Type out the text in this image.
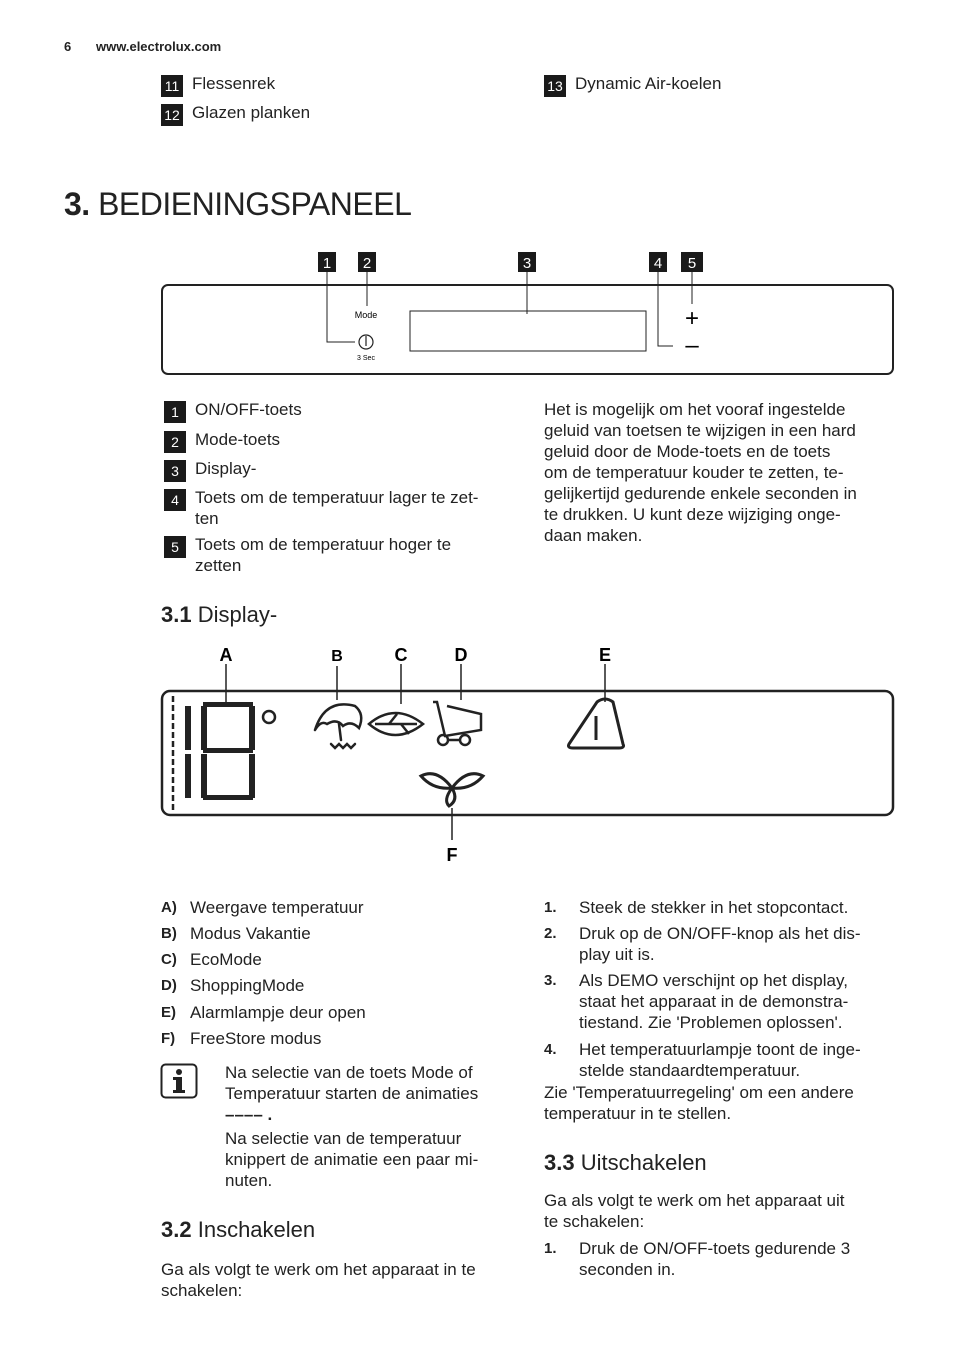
6 www.electrolux.com
11 Flessenrek
12 Glazen planken
13 Dynamic Air-koelen
3. BEDIENINGSPANEEL
1 2	3	4 5
Mode
3 Sec
+
–
1 ON/OFF-toets
2 Mode-toets
3 Display-
4 Toets om de temperatuur lager te zet-
ten
5 Toets om de temperatuur hoger te
zetten
Het is mogelijk om het vooraf ingestelde
geluid van toetsen te wijzigen in een hard
geluid door de Mode-toets en de toets
om de temperatuur kouder te zetten, te-
gelijkertijd gedurende enkele seconden in
te drukken. U kunt deze wijziging onge-
daan maken.
3.1 Display-
A	B	C	D	E
F
A) Weergave temperatuur
B) Modus Vakantie
C) EcoMode
D) ShoppingMode
E) Alarmlampje deur open
F) FreeStore modus
Na selectie van de toets Mode of
Temperatuur starten de animaties
–––– .
Na selectie van de temperatuur
knippert de animatie een paar mi-
nuten.
3.2 Inschakelen
Ga als volgt te werk om het apparaat in te
schakelen:
1.	Steek de stekker in het stopcontact.
2.	Druk op de ON/OFF-knop als het dis-
play uit is.
3.	Als DEMO verschijnt op het display,
staat het apparaat in de demonstra-
tiestand. Zie 'Problemen oplossen'.
4.	Het temperatuurlampje toont de inge-
stelde standaardtemperatuur.
Zie 'Temperatuurregeling' om een andere
temperatuur in te stellen.
3.3 Uitschakelen
Ga als volgt te werk om het apparaat uit
te schakelen:
1.	Druk de ON/OFF-toets gedurende 3
seconden in.
